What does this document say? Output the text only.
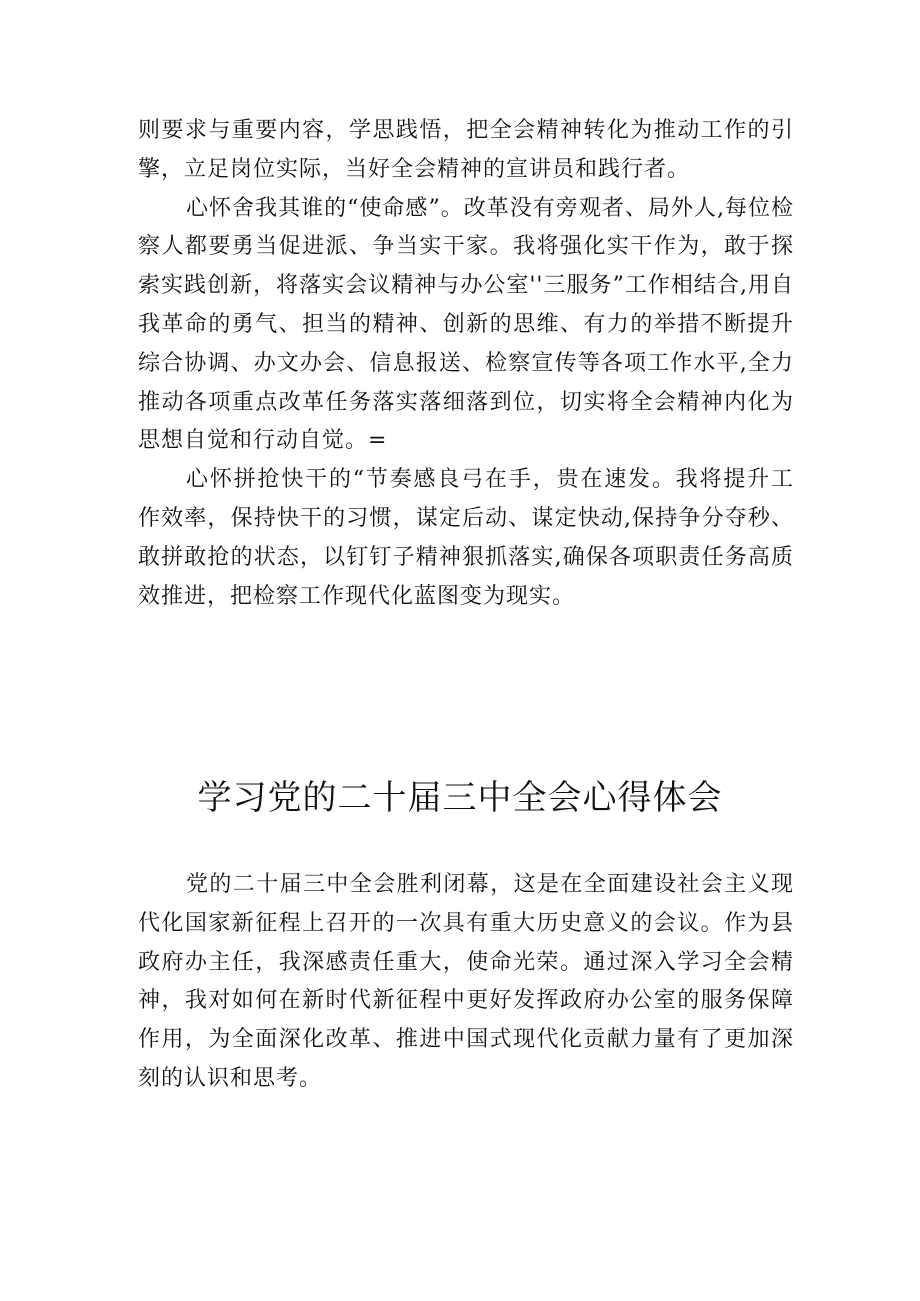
则要求与重要内容，学思践悟，把全会精神转化为推动工作的引擎，立足岗位实际，当好全会精神的宣讲员和践行者。

心怀舍我其谁的“使命感”。改革没有旁观者、局外人,每位检察人都要勇当促进派、争当实干家。我将强化实干作为，敢于探索实践创新，将落实会议精神与办公室''三服务”工作相结合,用自我革命的勇气、担当的精神、创新的思维、有力的举措不断提升综合协调、办文办会、信息报送、检察宣传等各项工作水平,全力推动各项重点改革任务落实落细落到位，切实将全会精神内化为思想自觉和行动自觉。=

心怀拼抢快干的“节奏感良弓在手，贵在速发。我将提升工作效率，保持快干的习惯，谋定后动、谋定快动,保持争分夺秒、敢拼敢抢的状态，以钉钉子精神狠抓落实,确保各项职责任务高质效推进，把检察工作现代化蓝图变为现实。

学习党的二十届三中全会心得体会

党的二十届三中全会胜利闭幕，这是在全面建设社会主义现代化国家新征程上召开的一次具有重大历史意义的会议。作为县政府办主任，我深感责任重大，使命光荣。通过深入学习全会精神，我对如何在新时代新征程中更好发挥政府办公室的服务保障作用，为全面深化改革、推进中国式现代化贡献力量有了更加深刻的认识和思考。
